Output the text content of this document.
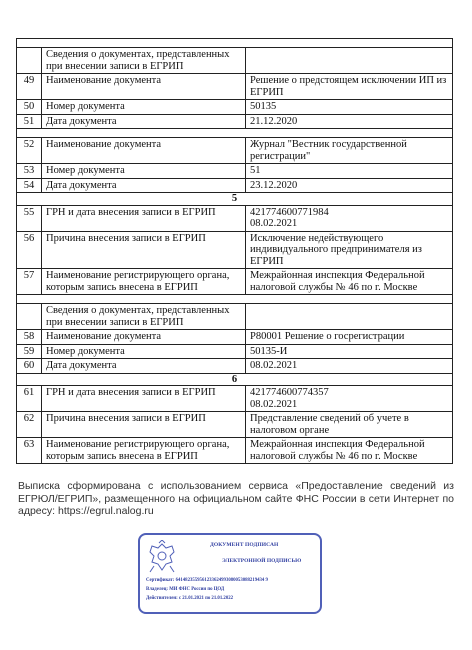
	Сведения о документах, представленных при внесении записи в ЕГРИП	
49	Наименование документа	Решение о предстоящем исключении ИП из ЕГРИП
50	Номер документа	50135
51	Дата документа	21.12.2020

52	Наименование документа	Журнал "Вестник государственной регистрации"
53	Номер документа	51
54	Дата документа	23.12.2020
5		
55	ГРН и дата внесения записи в ЕГРИП	421774600771984
08.02.2021
56	Причина внесения записи в ЕГРИП	Исключение недействующего индивидуального предпринимателя из ЕГРИП
57	Наименование регистрирующего органа, которым запись внесена в ЕГРИП	Межрайонная инспекция Федеральной налоговой службы № 46 по г. Москве

	Сведения о документах, представленных при внесении записи в ЕГРИП	
58	Наименование документа	Р80001 Решение о госрегистрации
59	Номер документа	50135-И
60	Дата документа	08.02.2021
6		
61	ГРН и дата внесения записи в ЕГРИП	421774600774357
08.02.2021
62	Причина внесения записи в ЕГРИП	Представление сведений об учете в налоговом органе
63	Наименование регистрирующего органа, которым запись внесена в ЕГРИП	Межрайонная инспекция Федеральной налоговой службы № 46 по г. Москве
Выписка сформирована с использованием сервиса «Предоставление сведений из ЕГРЮЛ/ЕГРИП», размещенного на официальном сайте ФНС России в сети Интернет по адресу: https://egrul.nalog.ru
ДОКУМЕНТ ПОДПИСАН
ЭЛЕКТРОННОЙ ПОДПИСЬЮ
Сертификат: 6414823559561233624993080053088219434 9
Владелец: МИ ФНС России по ЦОД
Действителен: с 21.01.2021 по 21.01.2022
